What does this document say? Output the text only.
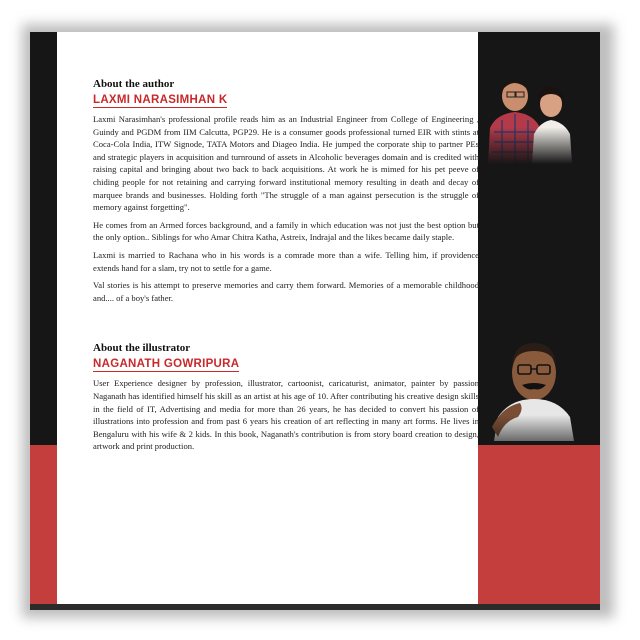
About the author
LAXMI NARASIMHAN K

Laxmi Narasimhan's professional profile reads him as an Industrial Engineer from College of Engineering , Guindy and PGDM from IIM Calcutta, PGP29. He is a consumer goods professional turned EIR with stints at Coca-Cola India, ITW Signode, TATA Motors and Diageo India. He jumped the corporate ship to partner PEs and strategic players in acquisition and turnround of assets in Alcoholic beverages domain and is credited with raising capital and bringing about two back to back acquisitions. At work he is mimed for his pet peeve of chiding people for not retaining and carrying forward institutional memory resulting in death and decay of marquee brands and businesses. Holding forth "The struggle of a man against persecution is the struggle of memory against forgetting".

He comes from an Armed forces background, and a family in which education was not just the best option but the only option.. Siblings for who Amar Chitra Katha, Astreix, Indrajal and the likes became daily staple.

Laxmi is married to Rachana who in his words is a comrade more than a wife. Telling him, if providence extends hand for a slam, try not to settle for a game.

Val stories is his attempt to preserve memories and carry them forward. Memories of a memorable childhood and.... of a boy's father.

About the illustrator
NAGANATH GOWRIPURA

User Experience designer by profession, illustrator, cartoonist, caricaturist, animator, painter by passion Naganath has identified himself his skill as an artist at his age of 10. After contributing his creative design skills in the field of IT, Advertising and media for more than 26 years, he has decided to convert his passion of illustrations into profession and from past 6 years his creation of art reflecting in many art forms. He lives in Bengaluru with his wife & 2 kids. In this book, Naganath's contribution is from story board creation to design, artwork and print production.
